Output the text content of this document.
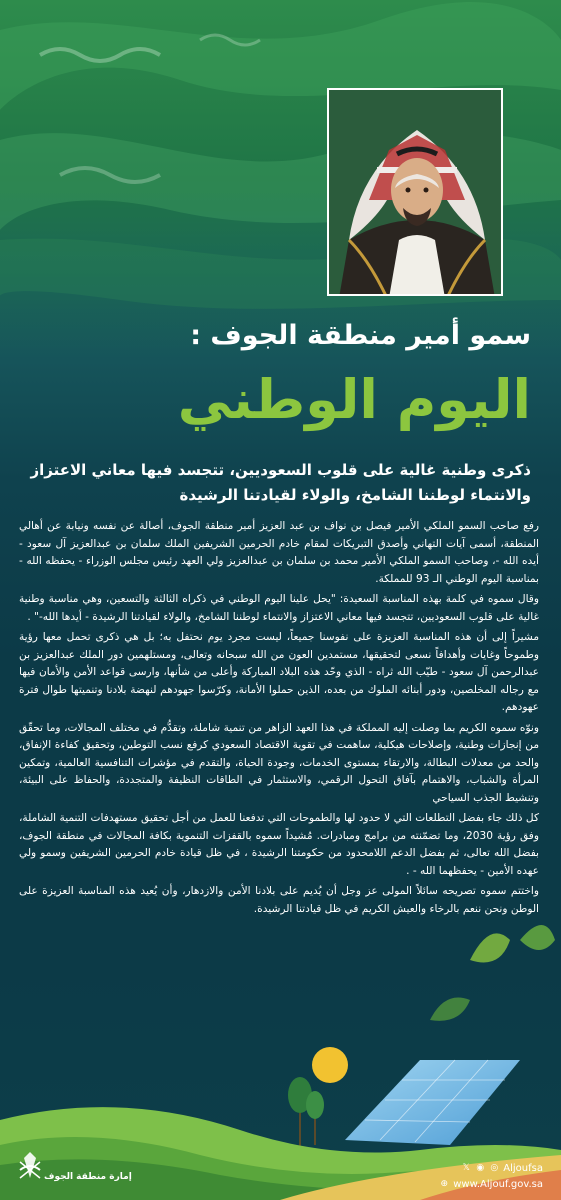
سمو أمير منطقة الجوف :
اليوم الوطني
ذكرى وطنية غالية على قلوب السعوديين، تتجسد فيها معاني الاعتزاز والانتماء لوطننا الشامخ، والولاء لقيادتنا الرشيدة

رفع صاحب السمو الملكي الأمير فيصل بن نواف بن عبد العزيز أمير منطقة الجوف، أصالة عن نفسه ونيابة عن أهالي المنطقة، أسمى آيات التهاني وأصدق التبريكات لمقام خادم الحرمين الشريفين الملك سلمان بن عبدالعزيز آل سعود - أيده الله -، وصاحب السمو الملكي الأمير محمد بن سلمان بن عبدالعزيز ولي العهد رئيس مجلس الوزراء - يحفظه الله - بمناسبة اليوم الوطني الـ 93 للمملكة.

وقال سموه في كلمة بهذه المناسبة السعيدة: "يحل علينا اليوم الوطني في ذكراه الثالثة والتسعين، وهي مناسبة وطنية غالية على قلوب السعوديين، تتجسد فيها معاني الاعتزاز والانتماء لوطننا الشامخ، والولاء لقيادتنا الرشيدة - أيدها الله-" .

مشيراً إلى أن هذه المناسبة العزيزة على نفوسنا جميعاً، ليست مجرد يوم نحتفل به؛ بل هي ذكرى تحمل معها رؤية وطموحاً وغايات وأهدافاً نسعى لتحقيقها، مستمدين العون من الله سبحانه وتعالى، ومستلهمين دور الملك عبدالعزيز بن عبدالرحمن آل سعود - طيّب الله ثراه - الذي وحّد هذه البلاد المباركة وأعلى من شأنها، وارسى قواعد الأمن والأمان فيها مع رجاله المخلصين، ودور أبنائه الملوك من بعده، الذين حملوا الأمانة، وكرّسوا جهودهم لنهضة بلادنا وتنميتها طوال فترة عهودهم.

ونوّه سموه الكريم بما وصلت إليه المملكة في هذا العهد الزاهر من تنمية شاملة، وتقدُّم في مختلف المجالات، وما تحقّق من إنجازات وطنية، وإصلاحات هيكلية، ساهمت في تقوية الاقتصاد السعودي كرفع نسب التوطين، وتحقيق كفاءة الإنفاق، والحد من معدلات البطالة، والارتقاء بمستوى الخدمات، وجودة الحياة، والتقدم في مؤشرات التنافسية العالمية، وتمكين المرأة والشباب، والاهتمام بآفاق التحول الرقمي، والاستثمار في الطاقات النظيفة والمتجددة، والحفاظ على البيئة، وتنشيط الجذب السياحي

كل ذلك جاء بفضل التطلعات التي لا حدود لها والطموحات التي تدفعنا للعمل من أجل تحقيق مستهدفات التنمية الشاملة، وفق رؤية 2030، وما تضمّنته من برامج ومبادرات. مُشيداً سموه بالقفزات التنموية بكافة المجالات في منطقة الجوف، بفضل الله تعالى، ثم بفضل الدعم اللامحدود من حكومتنا الرشيدة ، في ظل قيادة خادم الحرمين الشريفين وسمو ولي عهده الأمين - يحفظهما الله - .

واختتم سموه تصريحه سائلاً المولى عز وجل أن يُديم على بلادنا الأمن والازدهار، وأن يُعيد هذه المناسبة العزيزة على الوطن ونحن ننعم بالرخاء والعيش الكريم في ظل قيادتنا الرشيدة.

إمارة منطقة الجوف
𝕏 ◉ ◎ Aljoufsa
⊕ www.Aljouf.gov.sa
